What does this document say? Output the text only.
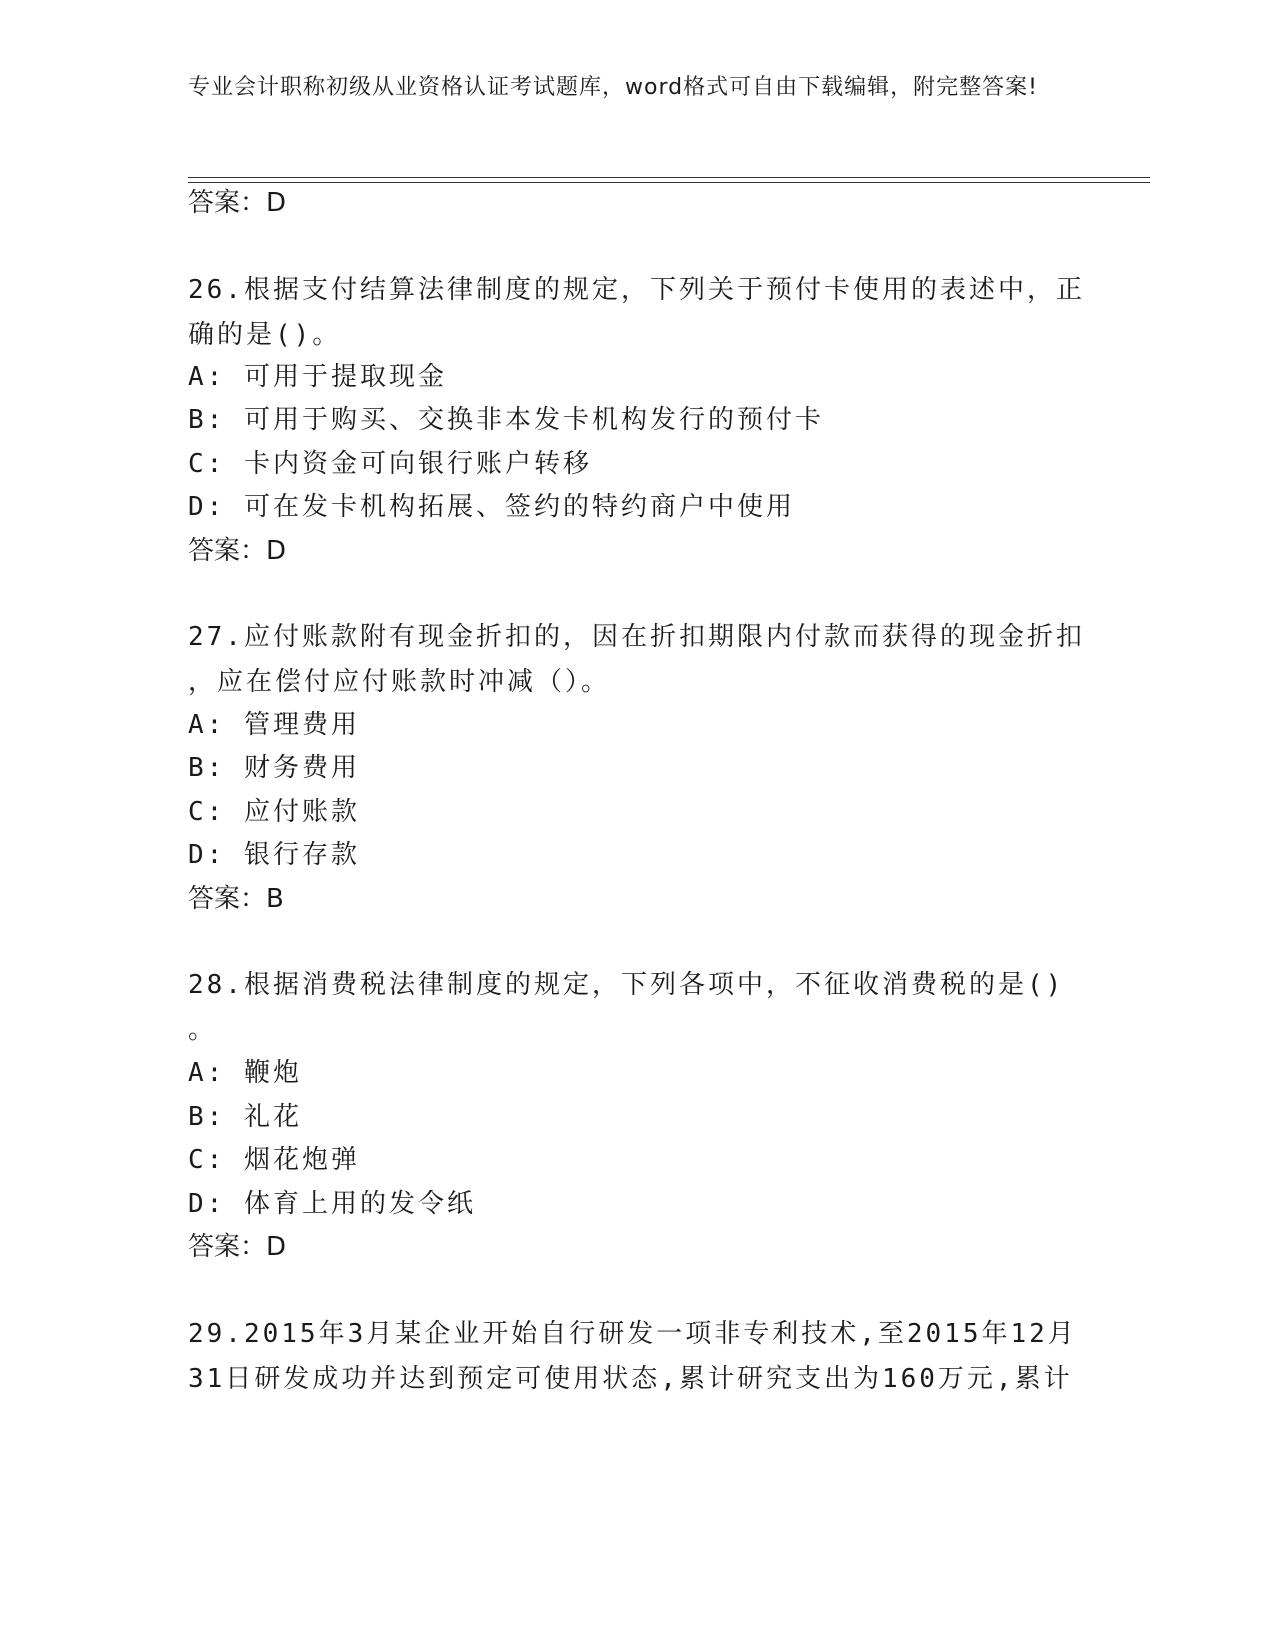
专业会计职称初级从业资格认证考试题库，word格式可自由下载编辑，附完整答案!
答案：D
26.根据支付结算法律制度的规定，下列关于预付卡使用的表述中，正
确的是()。
A: 可用于提取现金
B: 可用于购买、交换非本发卡机构发行的预付卡
C: 卡内资金可向银行账户转移
D: 可在发卡机构拓展、签约的特约商户中使用
答案：D
27.应付账款附有现金折扣的，因在折扣期限内付款而获得的现金折扣
，应在偿付应付账款时冲减（）。
A: 管理费用
B: 财务费用
C: 应付账款
D: 银行存款
答案：B
28.根据消费税法律制度的规定，下列各项中，不征收消费税的是()
。
A: 鞭炮
B: 礼花
C: 烟花炮弹
D: 体育上用的发令纸
答案：D
29.2015年3月某企业开始自行研发一项非专利技术,至2015年12月
31日研发成功并达到预定可使用状态,累计研究支出为160万元,累计
